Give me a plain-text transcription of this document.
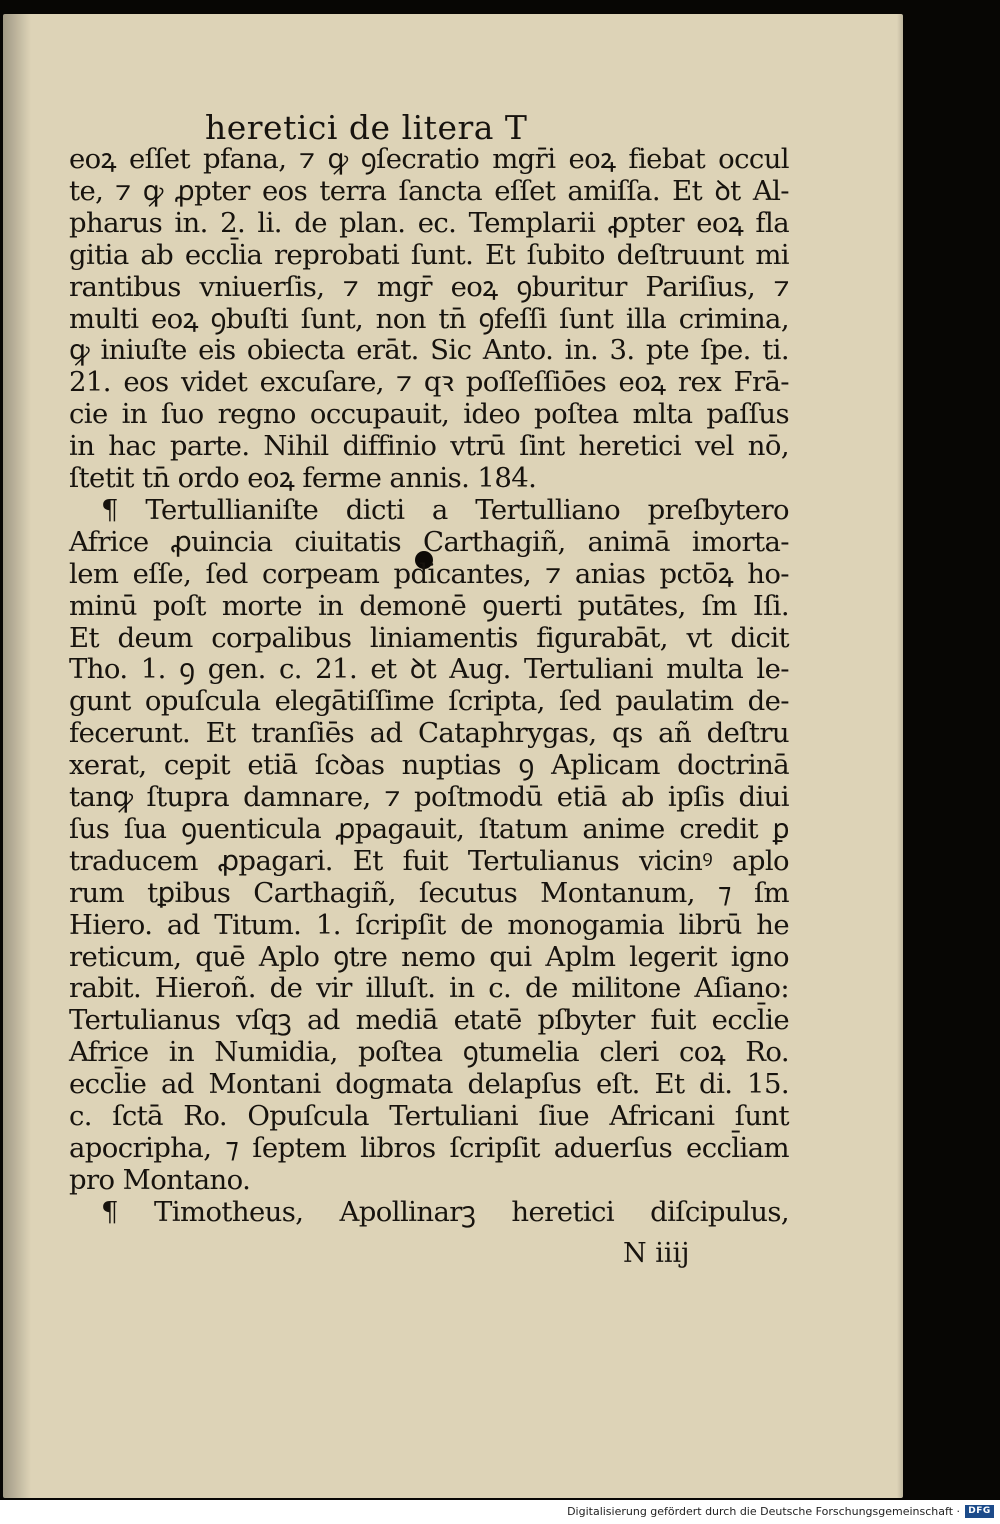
heretici de litera T
N iiij
eoꝝ eſſet pfana, ⁊ ꝙ ꝯſecratio mgr̄i eoꝝ fiebat occul
te, ⁊ ꝙ ꝓpter eos terra ſancta eſſet amiſſa. Et ꝺt Al-
pharus in. 2. li. de plan. ec. Templarii ꝓpter eoꝝ fla
gitia ab eccl̄ia reprobati ſunt. Et ſubito deſtruunt mi
rantibus vniuerſis, ⁊ mgr̄ eoꝝ ꝯburitur Pariſius, ⁊
multi eoꝝ ꝯbuſti ſunt, non tn̄ ꝯfeſſi ſunt illa crimina,
ꝙ iniuſte eis obiecta erāt. Sic Anto. in. 3. pte ſpe. ti.
21. eos videt excuſare, ⁊ qꝛ poſſeſſiōes eoꝝ rex Frā-
cie in ſuo regno occupauit, ideo poſtea mlta paſſus
in hac parte. Nihil diffinio vtrū ſint heretici vel nō,
ſtetit tn̄ ordo eoꝝ ferme annis. 184.
¶ Tertullianiſte dicti a Tertulliano preſbytero
Africe ꝓuincia ciuitatis Carthagiñ, animā imorta-
lem eſſe, ſed corpeam pdicantes, ⁊ anias pctōꝝ ho-
minū poſt morte in demonē ꝯuerti putātes, ſm Iſi.
Et deum corpalibus liniamentis figurabāt, vt dicit
Tho. 1. ꝯ gen. c. 21. et ꝺt Aug. Tertuliani multa le-
gunt opuſcula elegātiſſime ſcripta, ſed paulatim de-
fecerunt. Et tranſiēs ad Cataphrygas, qs añ deſtru
xerat, cepit etiā ſcꝺas nuptias ꝯ Aplicam doctrinā
tanꝙ ſtupra damnare, ⁊ poſtmodū etiā ab ipſis diui
ſus ſua ꝯuenticula ꝓpagauit, ſtatum anime credit ꝑ
traducem ꝓpagari. Et fuit Tertulianus vicinꝰ aplo
rum tꝑibus Carthagiñ, ſecutus Montanum, ⁊ ſm
Hiero. ad Titum. 1. ſcripſit de monogamia librū he
reticum, quē Aplo ꝯtre nemo qui Aplm legerit igno
rabit. Hieroñ. de vir illuſt. in c. de militone Aſiano:
Tertulianus vſqꝫ ad mediā etatē pſbyter fuit eccl̄ie
Africe in Numidia, poſtea ꝯtumelia cleri coꝝ Ro.
eccl̄ie ad Montani dogmata delapſus eſt. Et di. 15.
c. ſctā Ro. Opuſcula Tertuliani ſiue Africani ſunt
apocripha, ⁊ ſeptem libros ſcripſit aduerſus eccl̄iam
pro Montano.
¶ Timotheus, Apollinarꝫ heretici diſcipulus,
Digitalisierung gefördert durch die Deutsche Forschungsgemeinschaft · DFG
